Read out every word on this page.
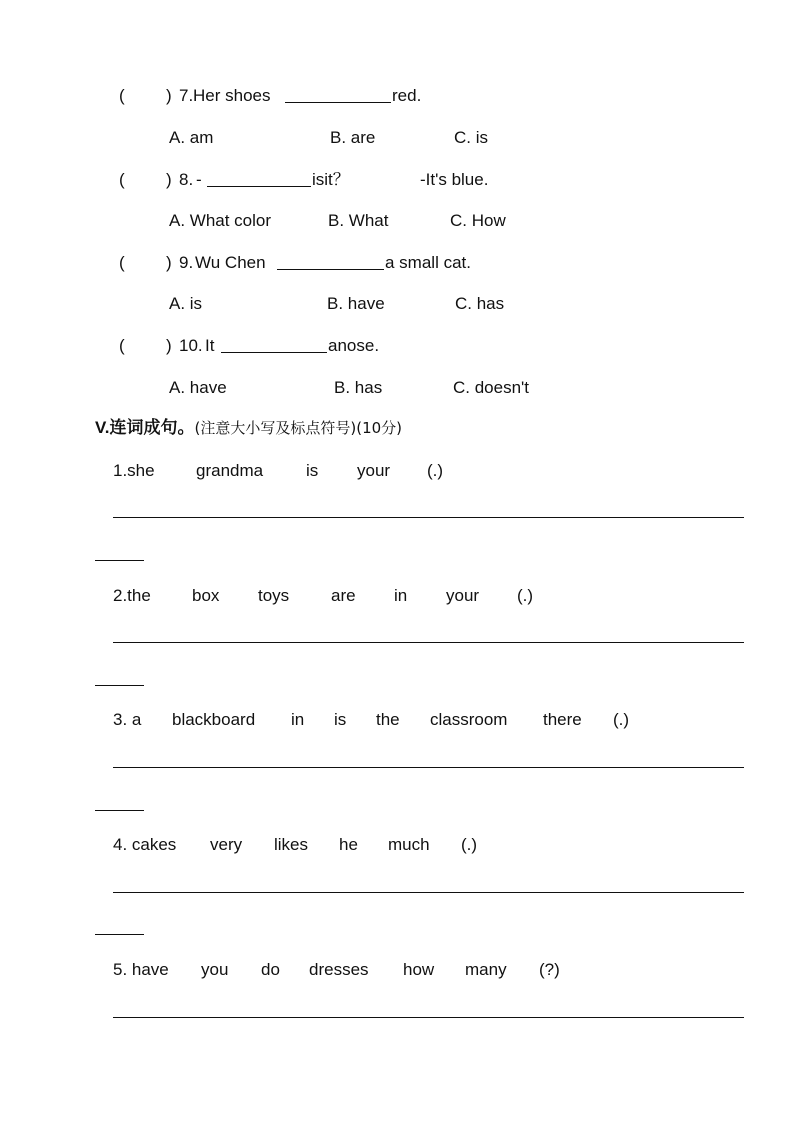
( ) 7. Her shoes	red.
A. am	B. are	C. is
( ) 8. -	isit？	-It's blue.
A. What color	B. What	C. How
( ) 9. Wu Chen	a small cat.
A. is	B. have	C. has
( ) 10. It	anose.
A. have	B. has	C. doesn't
V.连词成句。(注意大小写及标点符号)(10分)
1.she grandma	is your (.)
2.the box toys are in your (.)
3. a blackboard in is the classroom there (.)
4. cakes very likes he much (.)
5. have you do dresses how many (?)
